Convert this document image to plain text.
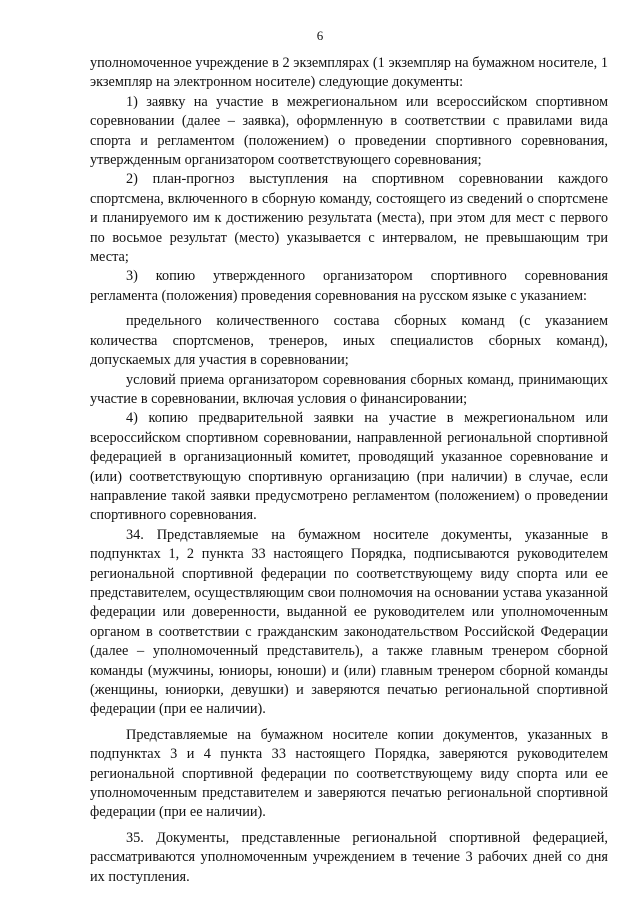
6

уполномоченное учреждение в 2 экземплярах (1 экземпляр на бумажном носителе, 1 экземпляр на электронном носителе) следующие документы:

1) заявку на участие в межрегиональном или всероссийском спортивном соревновании (далее – заявка), оформленную в соответствии с правилами вида спорта и регламентом (положением) о проведении спортивного соревнования, утвержденным организатором соответствующего соревнования;

2) план-прогноз выступления на спортивном соревновании каждого спортсмена, включенного в сборную команду, состоящего из сведений о спортсмене и планируемого им к достижению результата (места), при этом для мест с первого по восьмое результат (место) указывается с интервалом, не превышающим три места;

3) копию утвержденного организатором спортивного соревнования регламента (положения) проведения соревнования на русском языке с указанием:

предельного количественного состава сборных команд (с указанием количества спортсменов, тренеров, иных специалистов сборных команд), допускаемых для участия в соревновании;

условий приема организатором соревнования сборных команд, принимающих участие в соревновании, включая условия о финансировании;

4) копию предварительной заявки на участие в межрегиональном или всероссийском спортивном соревновании, направленной региональной спортивной федерацией в организационный комитет, проводящий указанное соревнование и (или) соответствующую спортивную организацию (при наличии) в случае, если направление такой заявки предусмотрено регламентом (положением) о проведении спортивного соревнования.

34. Представляемые на бумажном носителе документы, указанные в подпунктах 1, 2 пункта 33 настоящего Порядка, подписываются руководителем региональной спортивной федерации по соответствующему виду спорта или ее представителем, осуществляющим свои полномочия на основании устава указанной федерации или доверенности, выданной ее руководителем или уполномоченным органом в соответствии с гражданским законодательством Российской Федерации (далее – уполномоченный представитель), а также главным тренером сборной команды (мужчины, юниоры, юноши) и (или) главным тренером сборной команды (женщины, юниорки, девушки) и заверяются печатью региональной спортивной федерации (при ее наличии).

Представляемые на бумажном носителе копии документов, указанных в подпунктах 3 и 4 пункта 33 настоящего Порядка, заверяются руководителем региональной спортивной федерации по соответствующему виду спорта или ее уполномоченным представителем и заверяются печатью региональной спортивной федерации (при ее наличии).

35. Документы, представленные региональной спортивной федерацией, рассматриваются уполномоченным учреждением в течение 3 рабочих дней со дня их поступления.
